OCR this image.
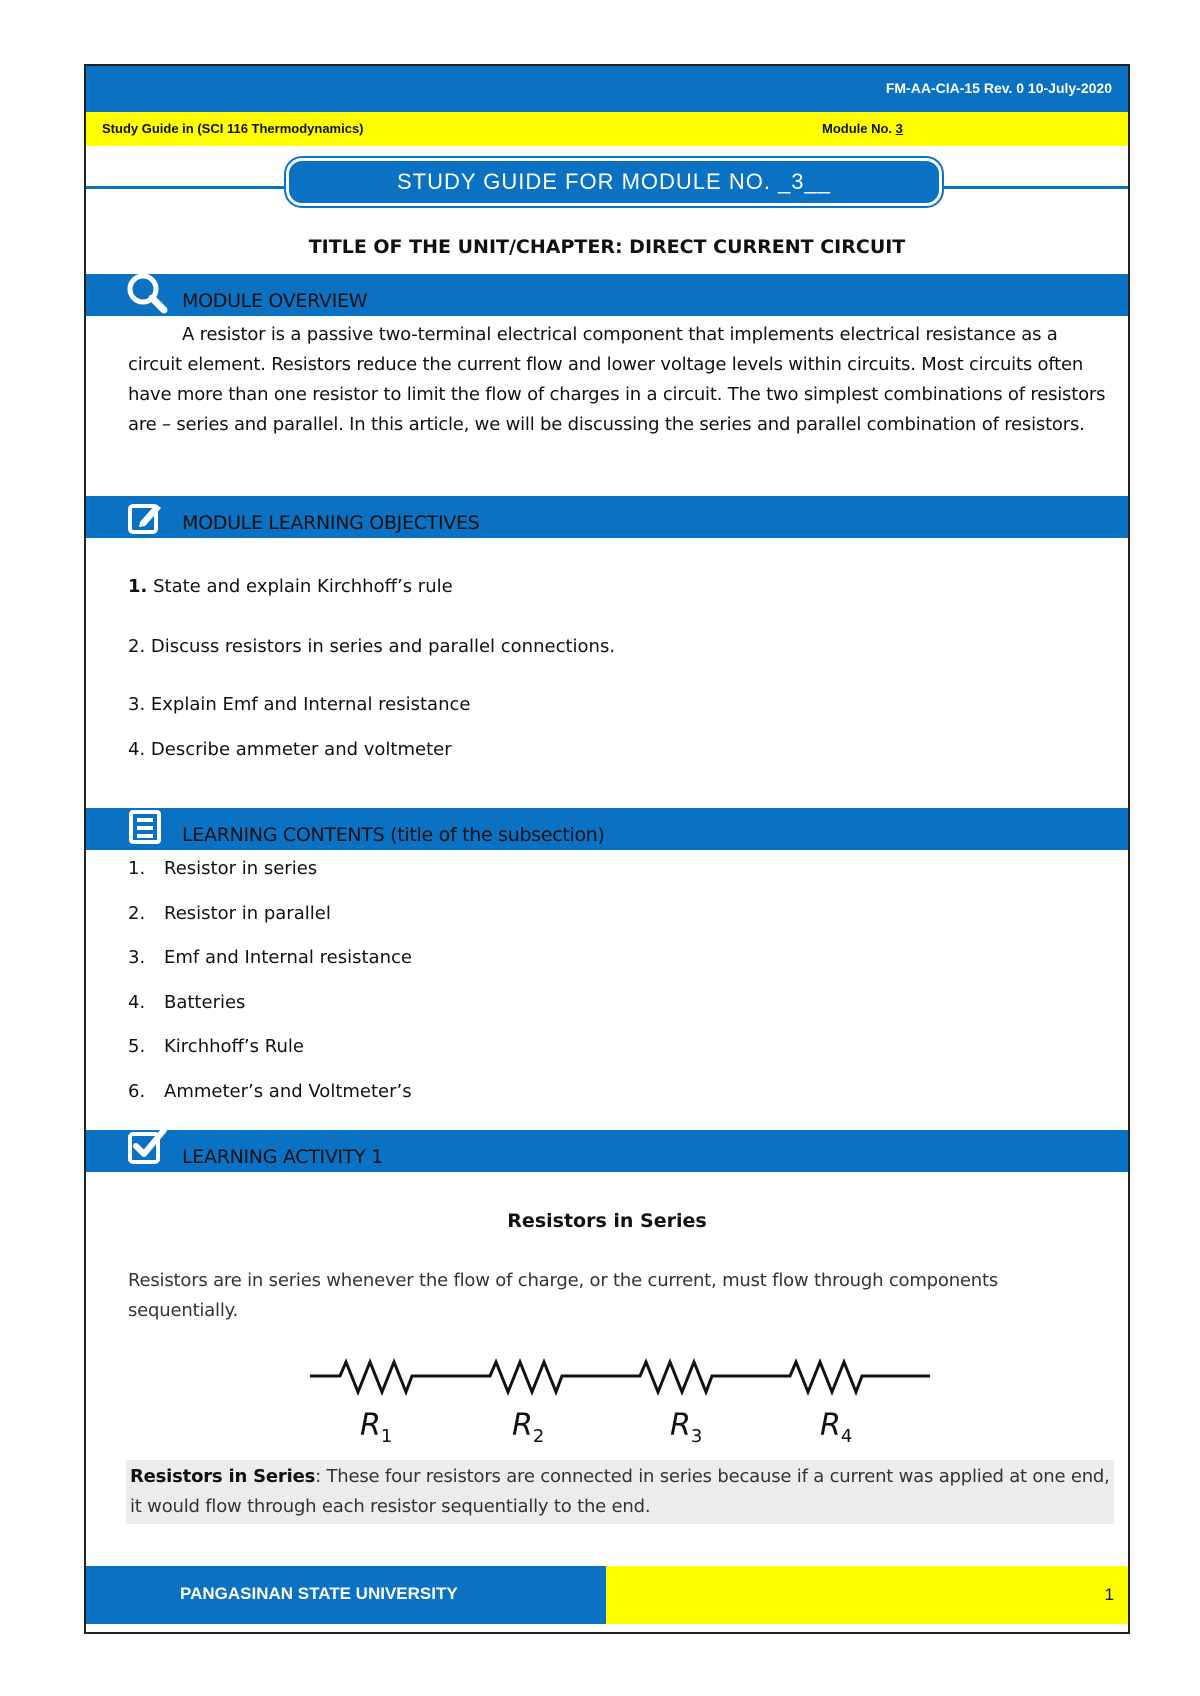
FM-AA-CIA-15 Rev. 0 10-July-2020
Study Guide in (SCI 116 Thermodynamics)	Module No. 3
STUDY GUIDE FOR MODULE NO. _3__
TITLE OF THE UNIT/CHAPTER: DIRECT CURRENT CIRCUIT
MODULE OVERVIEW
A resistor is a passive two-terminal electrical component that implements electrical resistance as a circuit element. Resistors reduce the current flow and lower voltage levels within circuits. Most circuits often have more than one resistor to limit the flow of charges in a circuit. The two simplest combinations of resistors are – series and parallel. In this article, we will be discussing the series and parallel combination of resistors.
MODULE LEARNING OBJECTIVES
1. State and explain Kirchhoff’s rule
2. Discuss resistors in series and parallel connections.
3. Explain Emf and Internal resistance
4. Describe ammeter and voltmeter
LEARNING CONTENTS (title of the subsection)
1. Resistor in series
2. Resistor in parallel
3. Emf and Internal resistance
4. Batteries
5. Kirchhoff’s Rule
6. Ammeter’s and Voltmeter’s
LEARNING ACTIVITY 1
Resistors in Series
Resistors are in series whenever the flow of charge, or the current, must flow through components sequentially.
$R_1$	$R_2$	$R_3$	$R_4$
Resistors in Series: These four resistors are connected in series because if a current was applied at one end, it would flow through each resistor sequentially to the end.
PANGASINAN STATE UNIVERSITY	1
